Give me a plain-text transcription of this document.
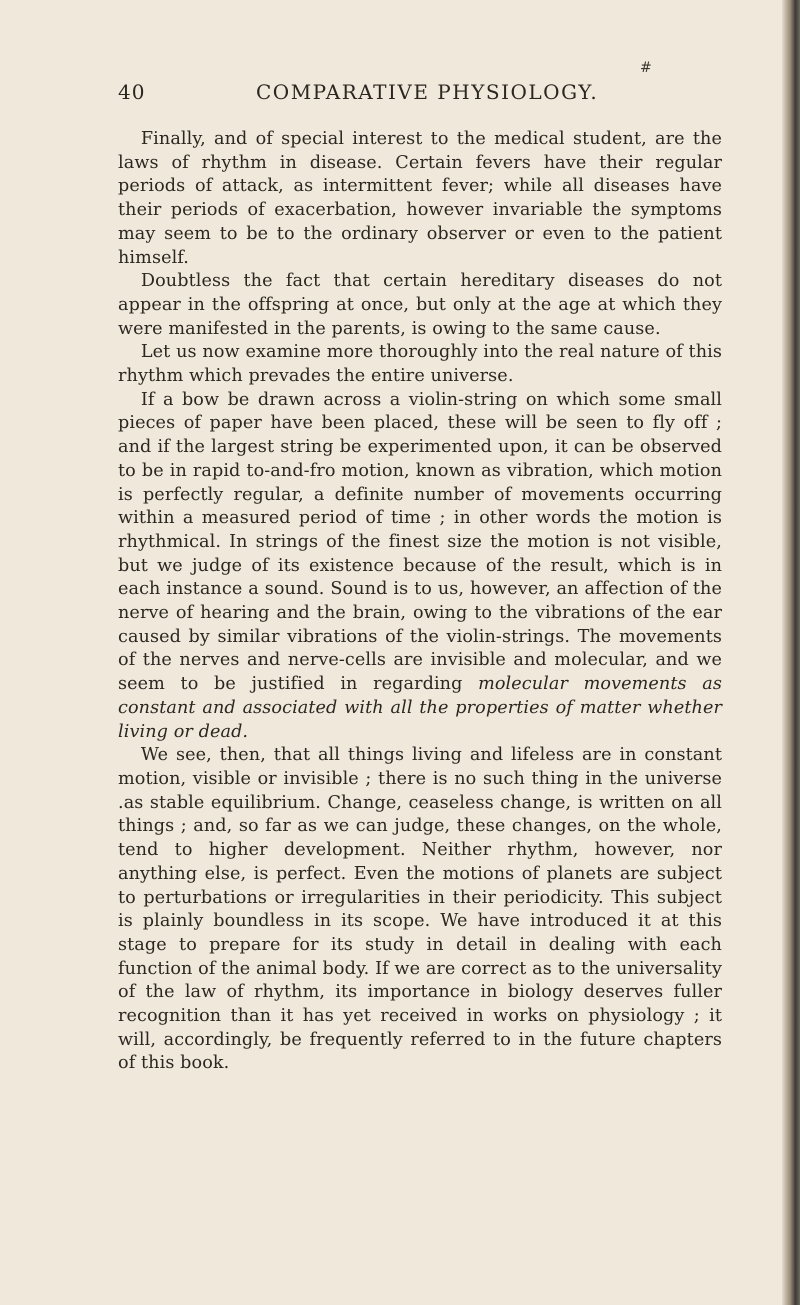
#
40	COMPARATIVE PHYSIOLOGY.

Finally, and of special interest to the medical student, are the laws of rhythm in disease. Certain fevers have their regular periods of attack, as intermittent fever; while all diseases have their periods of exacerbation, however invariable the symptoms may seem to be to the ordinary observer or even to the patient himself.

Doubtless the fact that certain hereditary diseases do not appear in the offspring at once, but only at the age at which they were manifested in the parents, is owing to the same cause.

Let us now examine more thoroughly into the real nature of this rhythm which prevades the entire universe.

If a bow be drawn across a violin-string on which some small pieces of paper have been placed, these will be seen to fly off ; and if the largest string be experimented upon, it can be observed to be in rapid to-and-fro motion, known as vibration, which motion is perfectly regular, a definite number of movements occurring within a measured period of time ; in other words the motion is rhythmical. In strings of the finest size the motion is not visible, but we judge of its existence because of the result, which is in each instance a sound. Sound is to us, however, an affection of the nerve of hearing and the brain, owing to the vibrations of the ear caused by similar vibrations of the violin-strings. The movements of the nerves and nerve-cells are invisible and molecular, and we seem to be justified in regarding molecular movements as constant and associated with all the properties of matter whether living or dead.

We see, then, that all things living and lifeless are in constant motion, visible or invisible ; there is no such thing in the universe .as stable equilibrium. Change, ceaseless change, is written on all things ; and, so far as we can judge, these changes, on the whole, tend to higher development. Neither rhythm, however, nor anything else, is perfect. Even the motions of planets are subject to perturbations or irregularities in their periodicity. This subject is plainly boundless in its scope. We have introduced it at this stage to prepare for its study in detail in dealing with each function of the animal body. If we are correct as to the universality of the law of rhythm, its importance in biology deserves fuller recognition than it has yet received in works on physiology ; it will, accordingly, be frequently referred to in the future chapters of this book.
